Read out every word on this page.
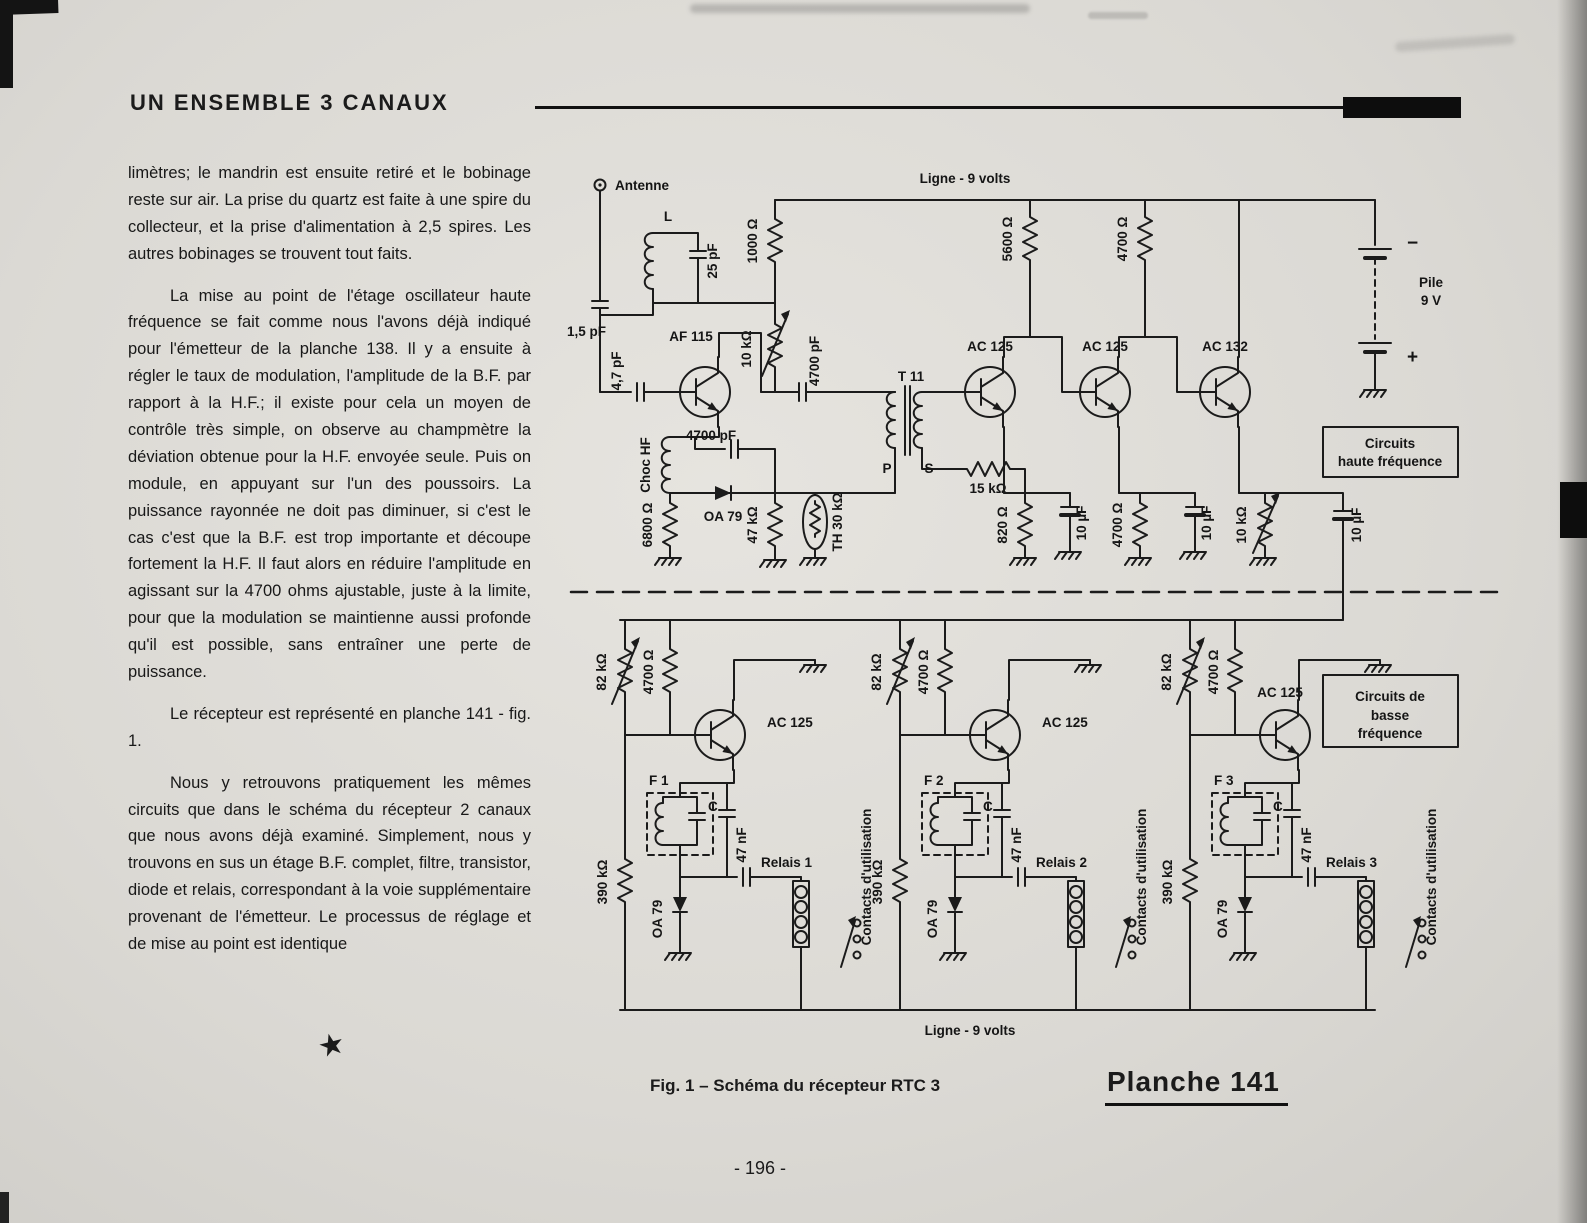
UN ENSEMBLE 3 CANAUX

limètres; le mandrin est ensuite retiré et le bobinage reste sur air. La prise du quartz est faite à une spire du collecteur, et la prise d'alimentation à 2,5 spires. Les autres bobinages se trouvent tout faits.

La mise au point de l'étage oscillateur haute fréquence se fait comme nous l'avons déjà indiqué pour l'émetteur de la planche 138. Il y a ensuite à régler le taux de modulation, l'amplitude de la B.F. par rapport à la H.F.; il existe pour cela un moyen de contrôle très simple, on observe au champmètre la déviation obtenue pour la H.F. envoyée seule. Puis on module, en appuyant sur l'un des poussoirs. La puissance rayonnée ne doit pas diminuer, si c'est le cas c'est que la B.F. est trop importante et découpe fortement la H.F. Il faut alors en réduire l'amplitude en agissant sur la 4700 ohms ajustable, juste à la limite, pour que la modulation se maintienne aussi profonde qu'il est possible, sans entraîner une perte de puissance.

Le récepteur est représenté en planche 141 - fig. 1.

Nous y retrouvons pratiquement les mêmes circuits que dans le schéma du récepteur 2 canaux que nous avons déjà examiné. Simplement, nous y trouvons en sus un étage B.F. complet, filtre, transistor, diode et relais, correspondant à la voie supplémentaire provenant de l'émetteur. Le processus de réglage et de mise au point est identique

★
Ligne - 9 volts
Antenne
1,5 pF
L
25 pF 1000 Ω
10 kΩ
4,7 pF
AF 115	4700 pF
Choc HF
4700 pF
OA 79
6800 Ω	47 kΩ	TH 30 kΩ
T 11
P S
15 kΩ
AC 125
5600 Ω
AC 125
4700 Ω
AC 132
820 Ω	10 µF 4700 Ω	10 µF 10 kΩ	10 µF
−
+
Pile
9 V
Circuits
haute fréquence
82 kΩ 4700 Ω
AC 125
F 1
C
47 nF
390 kΩ
OA 79
Relais 1	Contacts d'utilisation
82 kΩ 4700 Ω
AC 125
F 2
C
47 nF
390 kΩ
OA 79
Relais 2	Contacts d'utilisation
82 kΩ 4700 Ω	AC 125
F 3
C
47 nF
390 kΩ
OA 79
Relais 3	Contacts d'utilisation
Circuits de
basse
fréquence
Ligne - 9 volts
Fig. 1 – Schéma du récepteur RTC 3	Planche 141
- 196 -
